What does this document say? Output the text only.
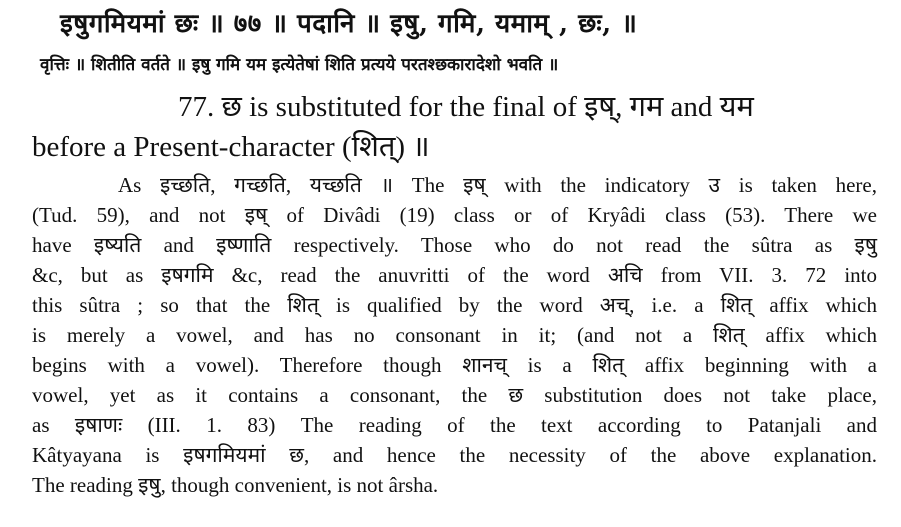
इषुगमियमां छः ॥ ७७ ॥ पदानि ॥ इषु, गमि, यमाम् , छः, ॥
वृत्तिः ॥ शितीति वर्तते ॥ इषु गमि यम इत्येतेषां शिति प्रत्यये परतश्छकारादेशो भवति ॥
77. छ is substituted for the final of इष्, गम and यम
before a Present-character (शित्) ॥
As इच्छति, गच्छति, यच्छति ॥ The इष् with the indicatory उ is taken here,
(Tud. 59), and not इष् of Divâdi (19) class or of Kryâdi class (53). There we
have इष्यति and इष्णाति respectively. Those who do not read the sûtra as इषु
&c, but as इषगमि &c, read the anuvritti of the word अचि from VII. 3. 72 into
this sûtra ; so that the शित् is qualified by the word अच्, i.e. a शित् affix which
is merely a vowel, and has no consonant in it; (and not a शित् affix which
begins with a vowel). Therefore though शानच् is a शित् affix beginning with a
vowel, yet as it contains a consonant, the छ substitution does not take place,
as इषाणः (III. 1. 83) The reading of the text according to Patanjali and
Kâtyayana is इषगमियमां छ, and hence the necessity of the above explanation.
The reading इषु, though convenient, is not ârsha.
